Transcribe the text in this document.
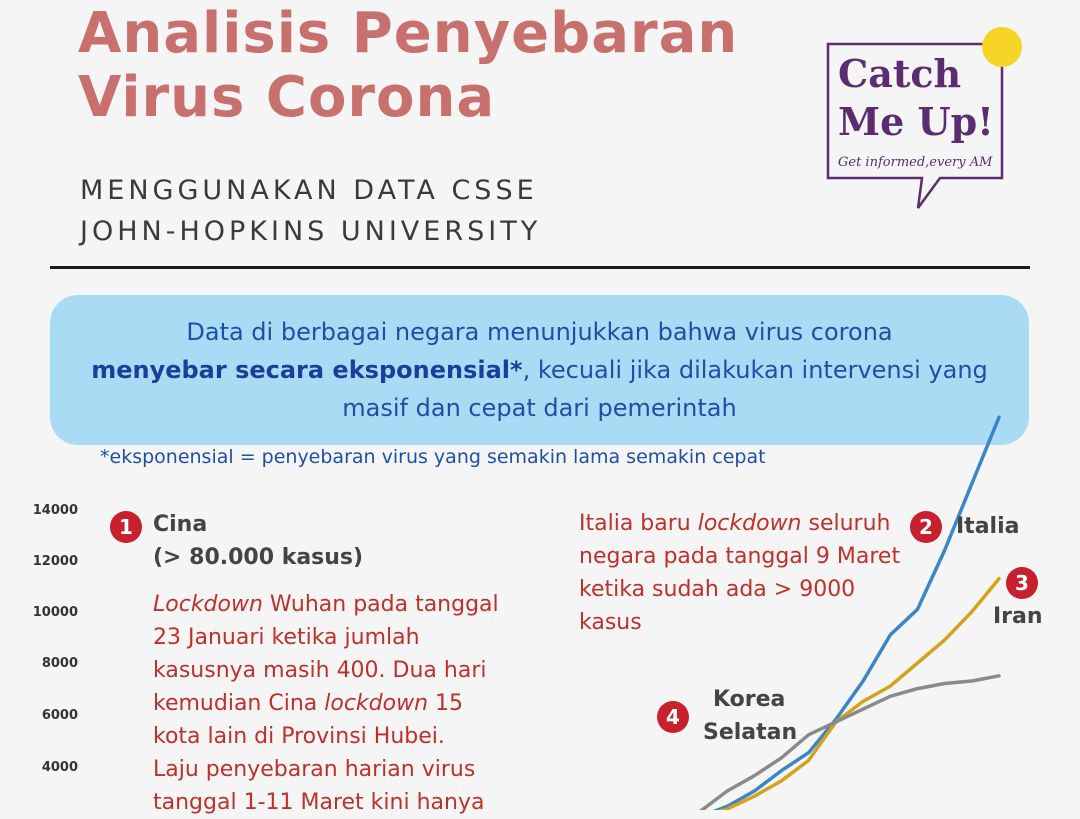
Analisis Penyebaran
Virus Corona
MENGGUNAKAN DATA CSSE
JOHN-HOPKINS UNIVERSITY
Catch
Me Up!
Get informed,every AM

Data di berbagai negara menunjukkan bahwa virus corona
menyebar secara eksponensial*, kecuali jika dilakukan intervensi yang masif dan cepat dari pemerintah

*eksponensial = penyebaran virus yang semakin lama semakin cepat
14000
12000
10000
8000
6000
4000
1 Cina
(> 80.000 kasus)
Lockdown Wuhan pada tanggal
23 Januari ketika jumlah
kasusnya masih 400. Dua hari
kemudian Cina lockdown 15
kota lain di Provinsi Hubei.
Laju penyebaran harian virus
tanggal 1-11 Maret kini hanya
Italia baru lockdown seluruh
negara pada tanggal 9 Maret
ketika sudah ada > 9000 kasus
2	Italia
3
Iran
4
Korea
Selatan
